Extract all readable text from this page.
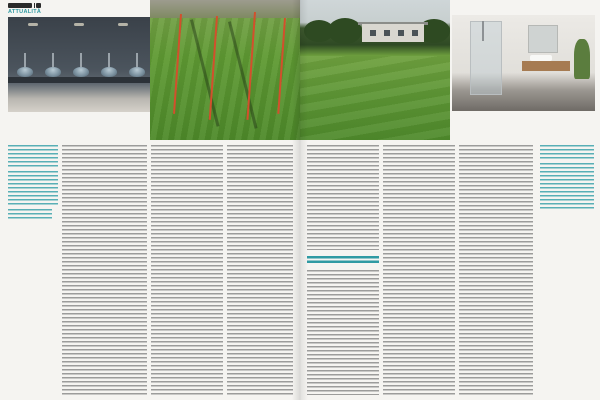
ATTUALITÀ
